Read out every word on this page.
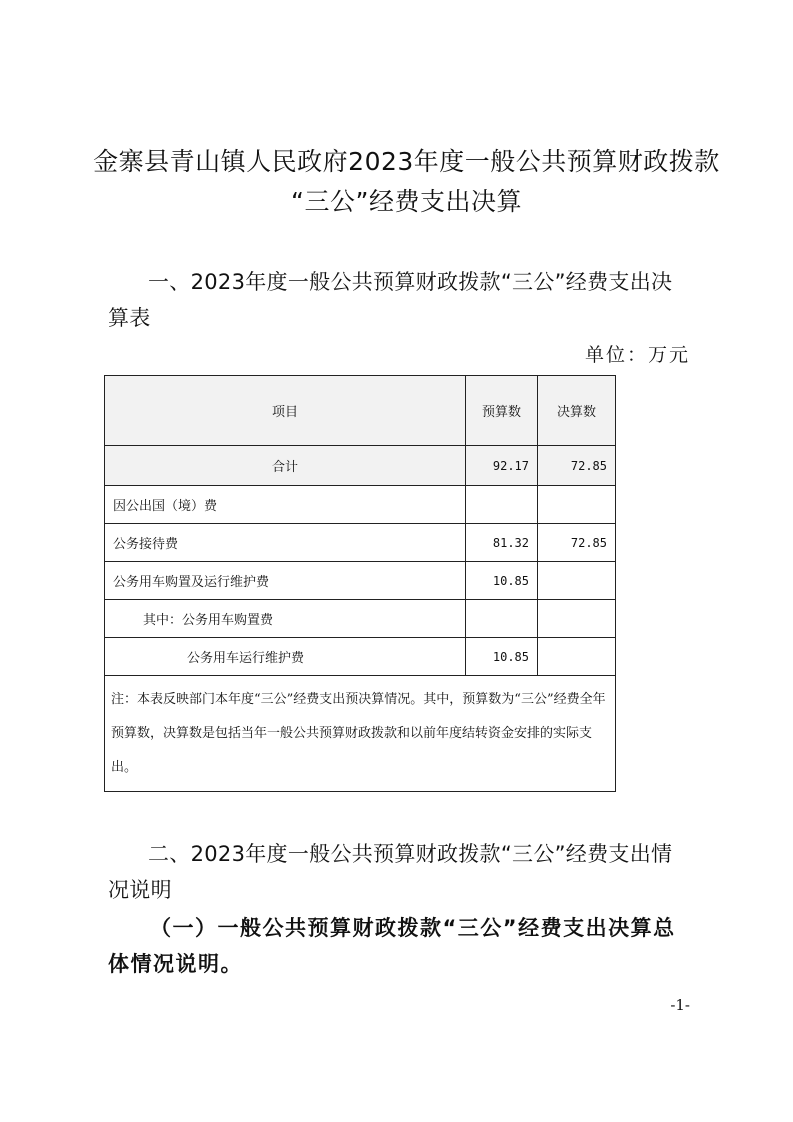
金寨县青山镇人民政府2023年度一般公共预算财政拨款
“三公”经费支出决算
一、2023年度一般公共预算财政拨款“三公”经费支出决算表
单位：万元
项目	预算数	决算数
合计	92.17	72.85
因公出国（境）费		
公务接待费	81.32	72.85
公务用车购置及运行维护费	10.85	
其中：公务用车购置费		
公务用车运行维护费	10.85	
注：本表反映部门本年度“三公”经费支出预决算情况。其中，预算数为“三公”经费全年预算数，决算数是包括当年一般公共预算财政拨款和以前年度结转资金安排的实际支出。		
二、2023年度一般公共预算财政拨款“三公”经费支出情况说明
（一）一般公共预算财政拨款“三公”经费支出决算总体情况说明。
-1-
